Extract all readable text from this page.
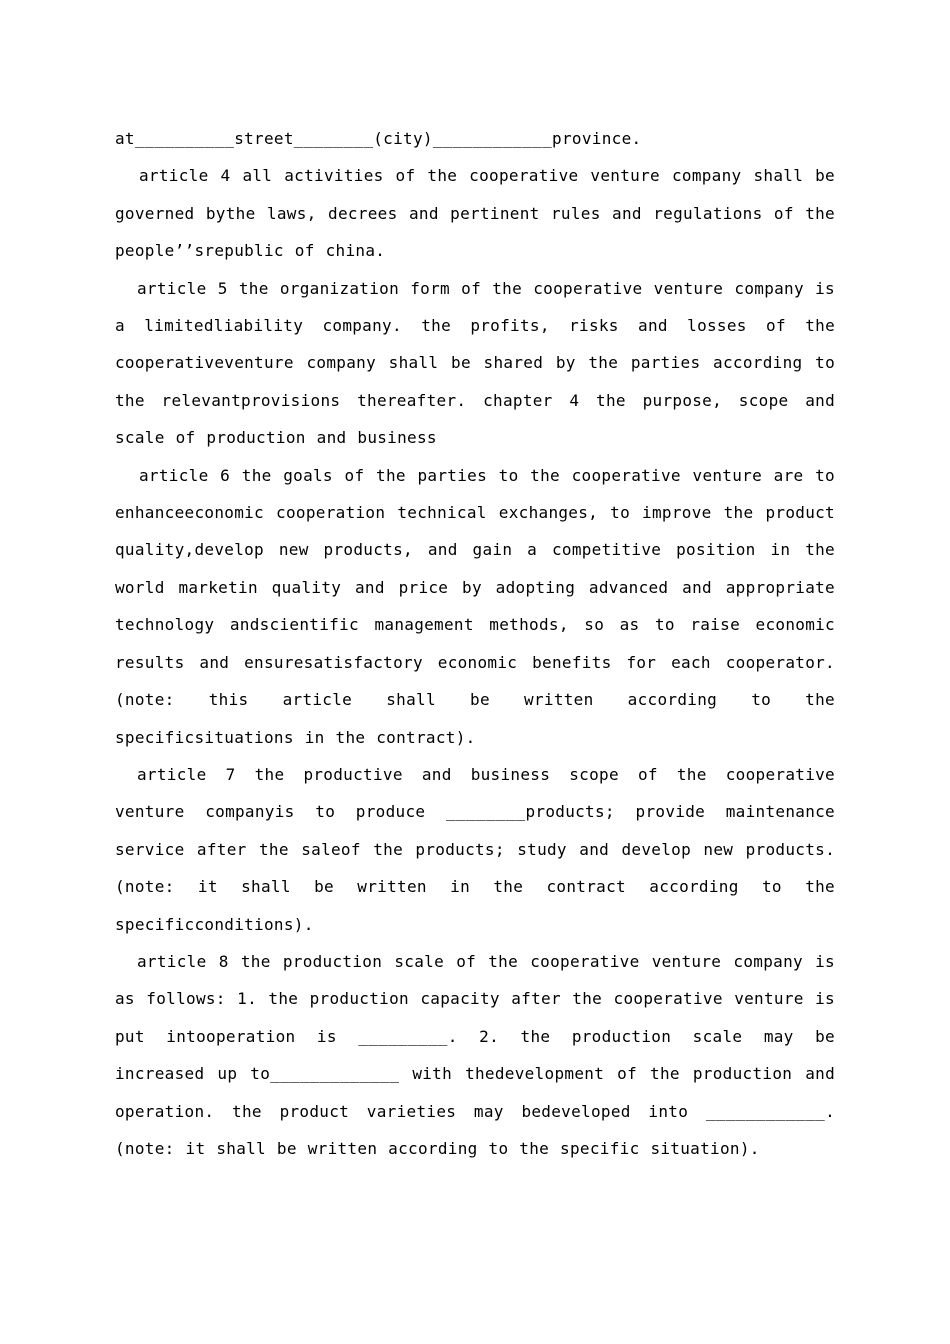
at__________street________(city)____________province.

article 4 all activities of the cooperative venture company shall be governed bythe laws, decrees and pertinent rules and regulations of the people’’srepublic of china.

article 5 the organization form of the cooperative venture company is a limitedliability company. the profits, risks and losses of the cooperativeventure company shall be shared by the parties according to the relevantprovisions thereafter. chapter 4 the purpose, scope and scale of production and business

article 6 the goals of the parties to the cooperative venture are to enhanceeconomic cooperation technical exchanges, to improve the product quality,develop new products, and gain a competitive position in the world marketin quality and price by adopting advanced and appropriate technology andscientific management methods, so as to raise economic results and ensuresatisfactory economic benefits for each cooperator. (note: this article shall be written according to the specificsituations in the contract).

article 7 the productive and business scope of the cooperative venture companyis to produce ________products; provide maintenance service after the saleof the products; study and develop new products. (note: it shall be written in the contract according to the specificconditions).

article 8 the production scale of the cooperative venture company is as follows: 1. the production capacity after the cooperative venture is put intooperation is _________. 2. the production scale may be increased up to_____________ with thedevelopment of the production and operation. the product varieties may bedeveloped into ____________. (note: it shall be written according to the specific situation).
